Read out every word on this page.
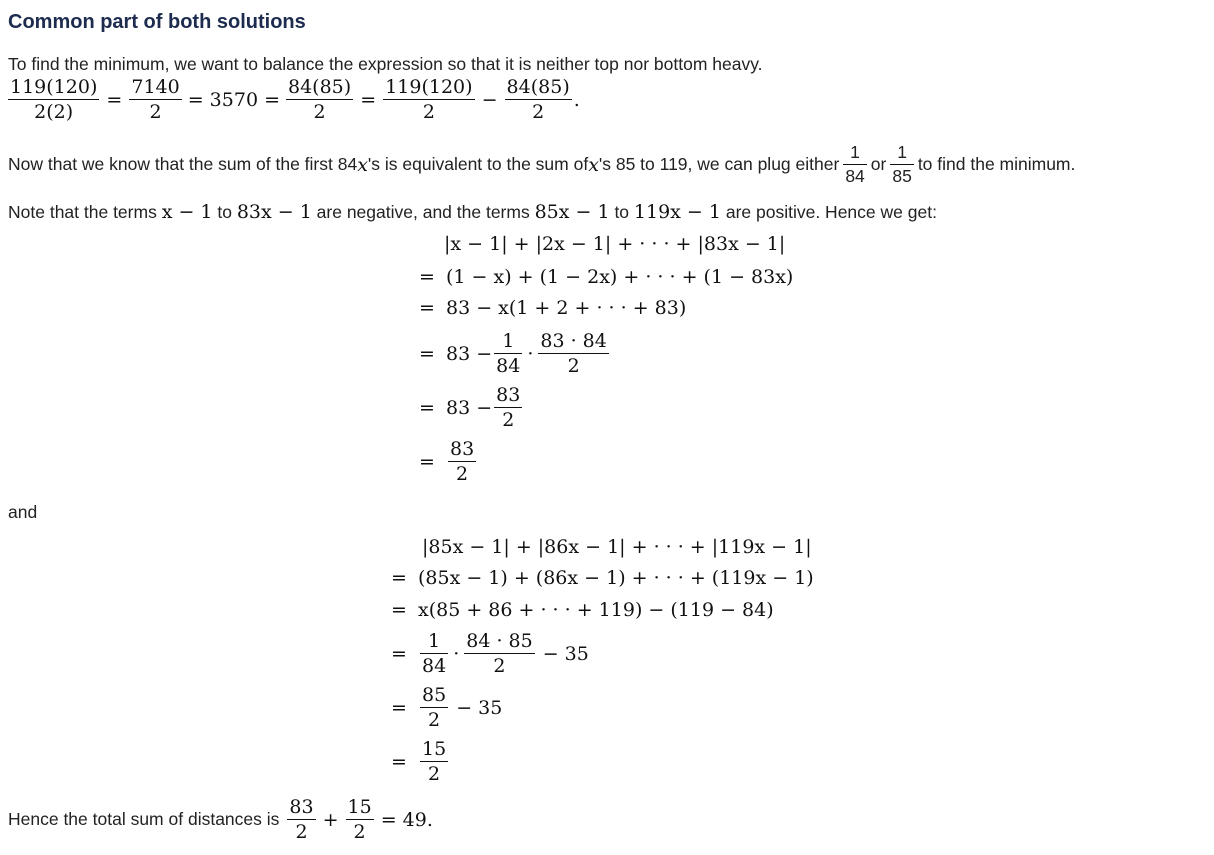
Common part of both solutions
To find the minimum, we want to balance the expression so that it is neither top nor bottom heavy.
$\frac{119(120)}{2(2)} = \frac{7140}{2} = 3570 = \frac{84(85)}{2} = \frac{119(120)}{2} - \frac{84(85)}{2}$ .
Now that we know that the sum of the first 84 x 's is equivalent to the sum of x 's 85 to 119, we can plug either $\frac{1}{84}$ or $\frac{1}{85}$ to find the minimum.
Note that the terms x − 1 to 83x − 1 are negative, and the terms 85x − 1 to 119x − 1 are positive. Hence we get:
|x − 1| + |2x − 1| + · · · + |83x − 1|
= (1 − x) + (1 − 2x) + · · · + (1 − 83x)
= 83 − x(1 + 2 + · · · + 83)
= $83 - \frac{1}{84} \cdot \frac{83 \cdot 84}{2}$
= $83 - \frac{83}{2}$
= $\frac{83}{2}$
and
|85x − 1| + |86x − 1| + · · · + |119x − 1|
= (85x − 1) + (86x − 1) + · · · + (119x − 1)
= x(85 + 86 + · · · + 119) − (119 − 84)
= $\frac{1}{84} \cdot \frac{84 \cdot 85}{2} - 35$
= $\frac{85}{2} - 35$
= $\frac{15}{2}$
Hence the total sum of distances is $\frac{83}{2} + \frac{15}{2} = 49$.
